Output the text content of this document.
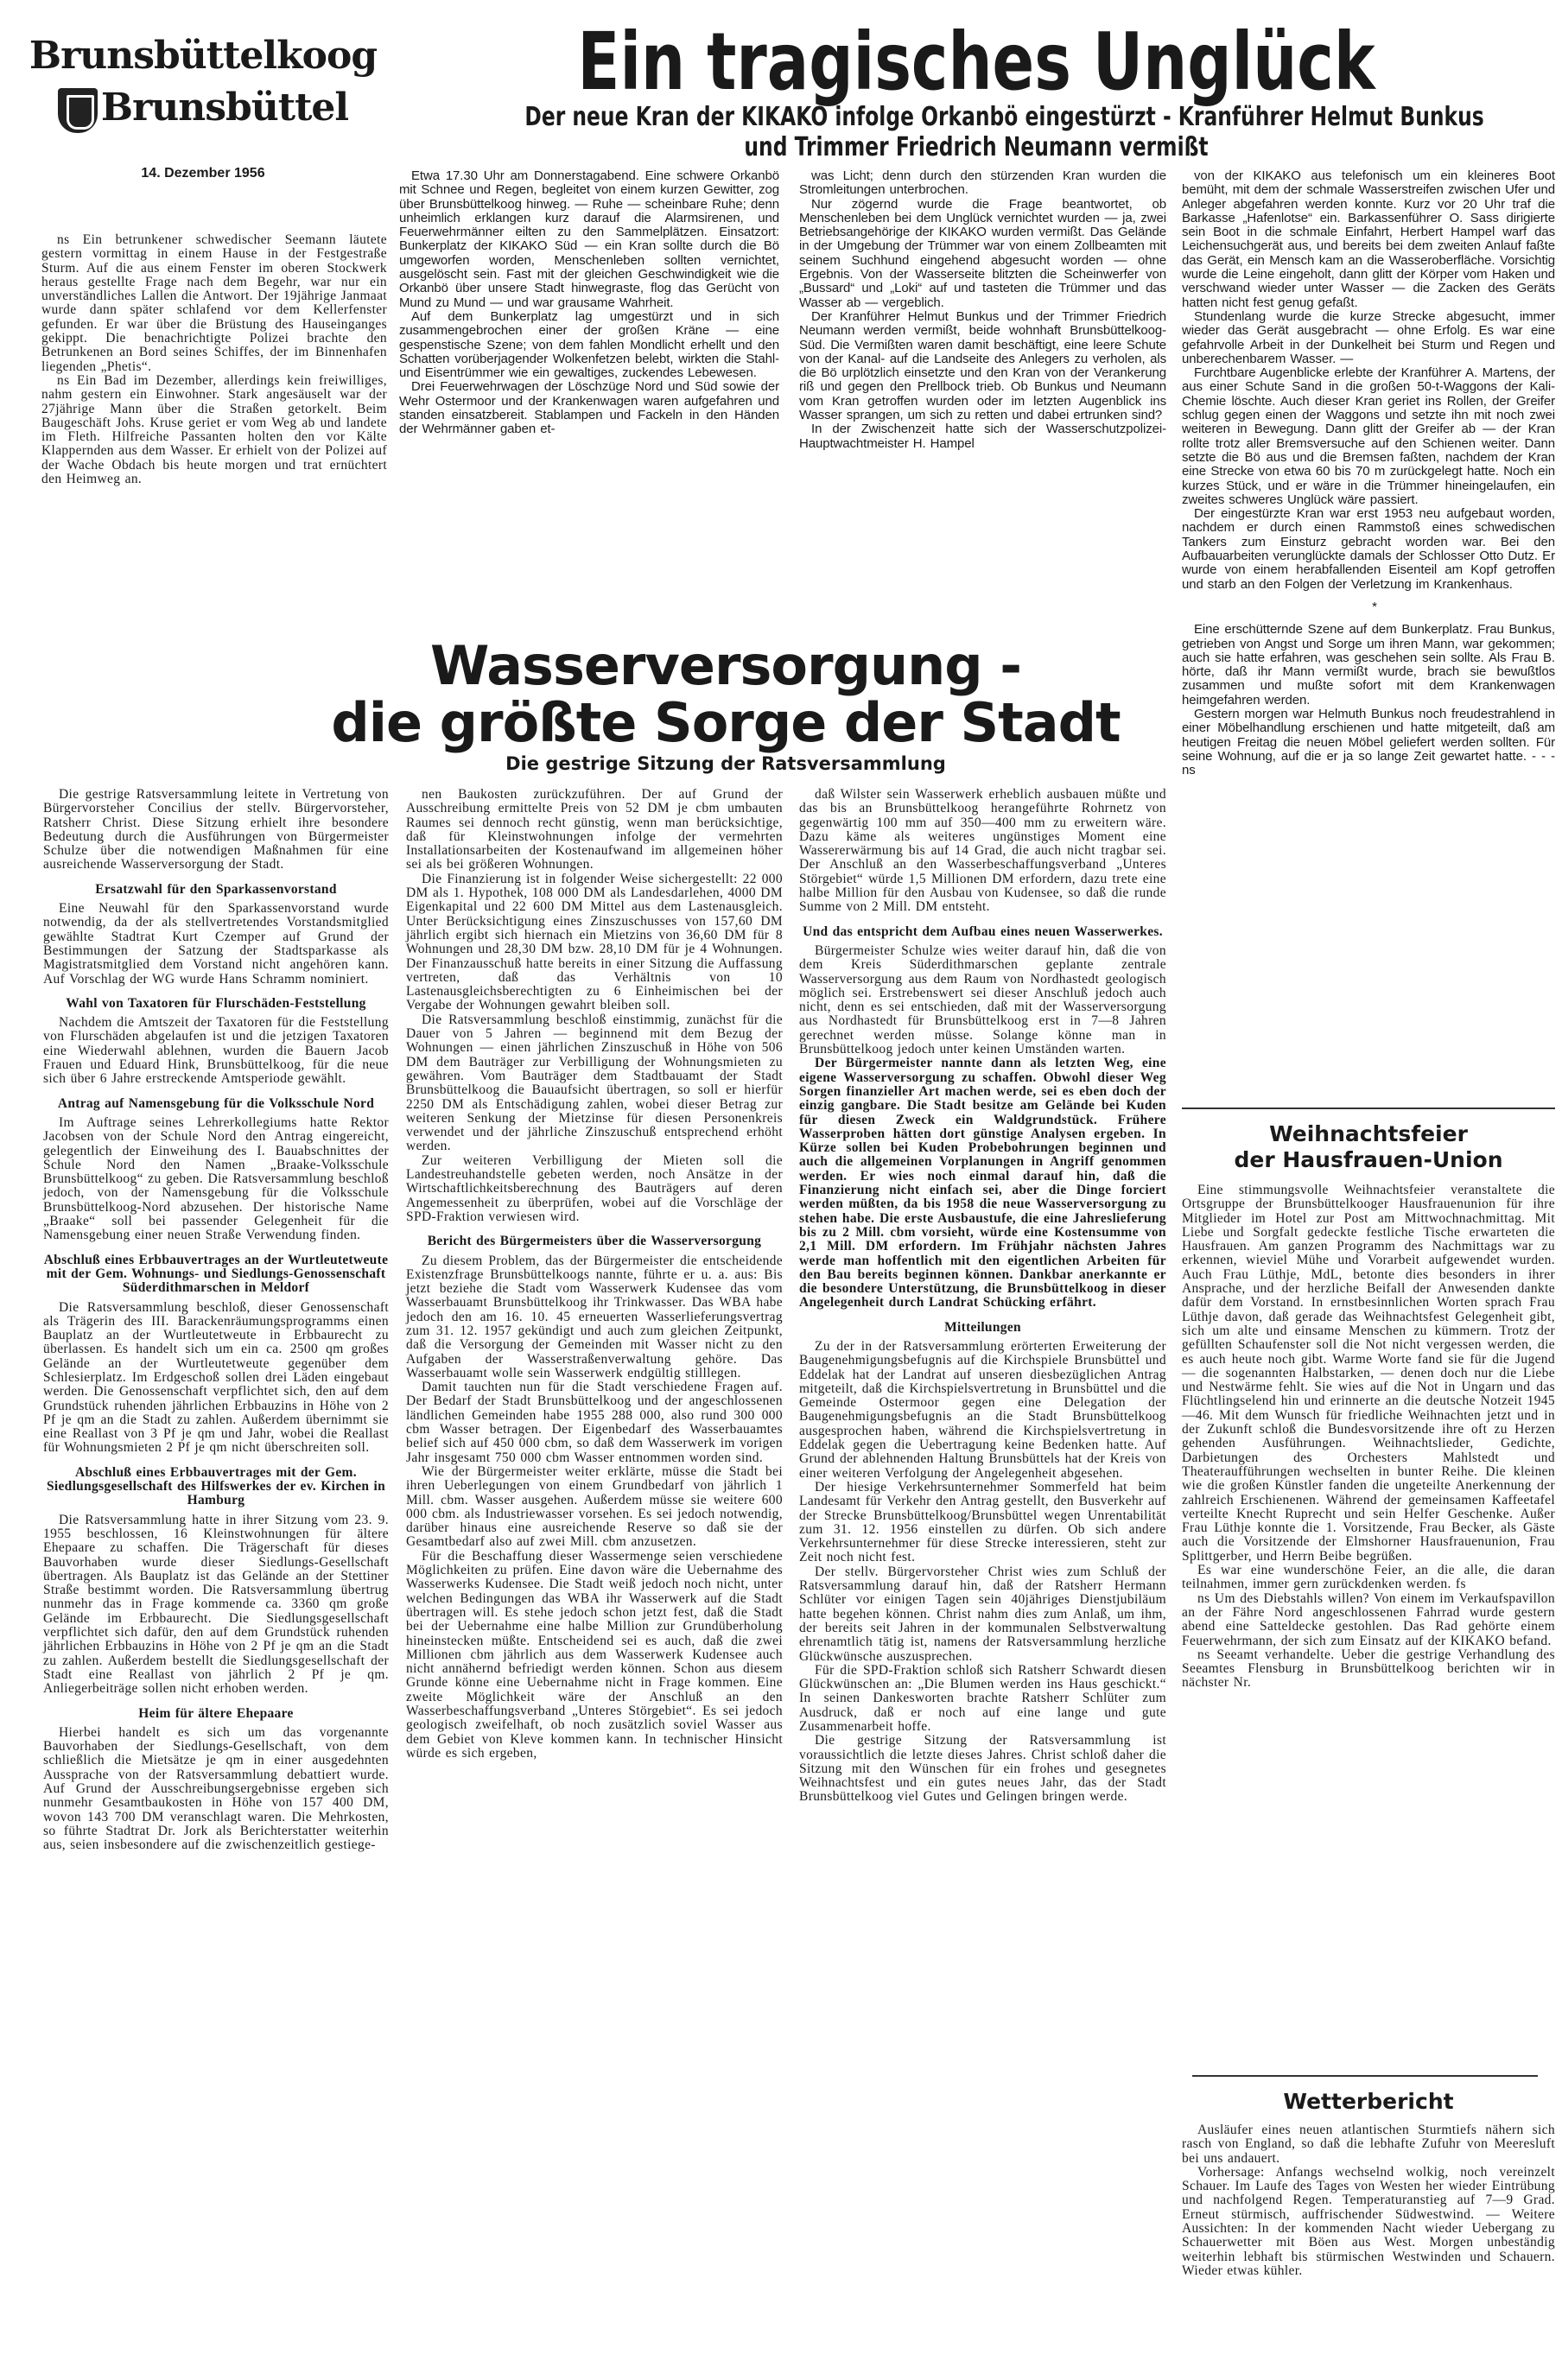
Brunsbüttelkoog
Brunsbüttel
14. Dezember 1956
Ein tragisches Unglück
Der neue Kran der KIKAKO infolge Orkanbö eingestürzt - Kranführer Helmut Bunkus
und Trimmer Friedrich Neumann vermißt

ns Ein betrunkener schwedischer Seemann läutete gestern vormittag in einem Hause in der Festgestraße Sturm. Auf die aus einem Fenster im oberen Stockwerk heraus gestellte Frage nach dem Begehr, war nur ein unverständliches Lallen die Antwort. Der 19jährige Janmaat wurde dann später schlafend vor dem Kellerfenster gefunden. Er war über die Brüstung des Hauseinganges gekippt. Die benachrichtigte Polizei brachte den Betrunkenen an Bord seines Schiffes, der im Binnenhafen liegenden „Phetis“.

ns Ein Bad im Dezember, allerdings kein freiwilliges, nahm gestern ein Einwohner. Stark angesäuselt war der 27jährige Mann über die Straßen getorkelt. Beim Baugeschäft Johs. Kruse geriet er vom Weg ab und landete im Fleth. Hilfreiche Passanten holten den vor Kälte Klappernden aus dem Wasser. Er erhielt von der Polizei auf der Wache Obdach bis heute morgen und trat ernüchtert den Heimweg an.

Etwa 17.30 Uhr am Donnerstagabend. Eine schwere Orkanbö mit Schnee und Regen, begleitet von einem kurzen Gewitter, zog über Brunsbüttelkoog hinweg. — Ruhe — scheinbare Ruhe; denn unheimlich erklangen kurz darauf die Alarmsirenen, und Feuerwehrmänner eilten zu den Sammelplätzen. Einsatzort: Bunkerplatz der KIKAKO Süd — ein Kran sollte durch die Bö umgeworfen worden, Menschenleben sollten vernichtet, ausgelöscht sein. Fast mit der gleichen Geschwindigkeit wie die Orkanbö über unsere Stadt hinwegraste, flog das Gerücht von Mund zu Mund — und war grausame Wahrheit.

Auf dem Bunkerplatz lag umgestürzt und in sich zusammengebrochen einer der großen Kräne — eine gespenstische Szene; von dem fahlen Mondlicht erhellt und den Schatten vorüberjagender Wolkenfetzen belebt, wirkten die Stahl- und Eisentrümmer wie ein gewaltiges, zuckendes Lebewesen.

Drei Feuerwehrwagen der Löschzüge Nord und Süd sowie der Wehr Ostermoor und der Krankenwagen waren aufgefahren und standen einsatzbereit. Stablampen und Fackeln in den Händen der Wehrmänner gaben et-

was Licht; denn durch den stürzenden Kran wurden die Stromleitungen unterbrochen.

Nur zögernd wurde die Frage beantwortet, ob Menschenleben bei dem Unglück vernichtet wurden — ja, zwei Betriebsangehörige der KIKAKO wurden vermißt. Das Gelände in der Umgebung der Trümmer war von einem Zollbeamten mit seinem Suchhund eingehend abgesucht worden — ohne Ergebnis. Von der Wasserseite blitzten die Scheinwerfer von „Bussard“ und „Loki“ auf und tasteten die Trümmer und das Wasser ab — vergeblich.

Der Kranführer Helmut Bunkus und der Trimmer Friedrich Neumann werden vermißt, beide wohnhaft Brunsbüttelkoog-Süd. Die Vermißten waren damit beschäftigt, eine leere Schute von der Kanal- auf die Landseite des Anlegers zu verholen, als die Bö urplötzlich einsetzte und den Kran von der Verankerung riß und gegen den Prellbock trieb. Ob Bunkus und Neumann vom Kran getroffen wurden oder im letzten Augenblick ins Wasser sprangen, um sich zu retten und dabei ertrunken sind?

In der Zwischenzeit hatte sich der Wasserschutzpolizei-Hauptwachtmeister H. Hampel

von der KIKAKO aus telefonisch um ein kleineres Boot bemüht, mit dem der schmale Wasserstreifen zwischen Ufer und Anleger abgefahren werden konnte. Kurz vor 20 Uhr traf die Barkasse „Hafenlotse“ ein. Barkassenführer O. Sass dirigierte sein Boot in die schmale Einfahrt, Herbert Hampel warf das Leichensuchgerät aus, und bereits bei dem zweiten Anlauf faßte das Gerät, ein Mensch kam an die Wasseroberfläche. Vorsichtig wurde die Leine eingeholt, dann glitt der Körper vom Haken und verschwand wieder unter Wasser — die Zacken des Geräts hatten nicht fest genug gefaßt.

Stundenlang wurde die kurze Strecke abgesucht, immer wieder das Gerät ausgebracht — ohne Erfolg. Es war eine gefahrvolle Arbeit in der Dunkelheit bei Sturm und Regen und unberechenbarem Wasser. —

Furchtbare Augenblicke erlebte der Kranführer A. Martens, der aus einer Schute Sand in die großen 50-t-Waggons der Kali-Chemie löschte. Auch dieser Kran geriet ins Rollen, der Greifer schlug gegen einen der Waggons und setzte ihn mit noch zwei weiteren in Bewegung. Dann glitt der Greifer ab — der Kran rollte trotz aller Bremsversuche auf den Schienen weiter. Dann setzte die Bö aus und die Bremsen faßten, nachdem der Kran eine Strecke von etwa 60 bis 70 m zurückgelegt hatte. Noch ein kurzes Stück, und er wäre in die Trümmer hineingelaufen, ein zweites schweres Unglück wäre passiert.

Der eingestürzte Kran war erst 1953 neu aufgebaut worden, nachdem er durch einen Rammstoß eines schwedischen Tankers zum Einsturz gebracht worden war. Bei den Aufbauarbeiten verunglückte damals der Schlosser Otto Dutz. Er wurde von einem herabfallenden Eisenteil am Kopf getroffen und starb an den Folgen der Verletzung im Krankenhaus.

*

Eine erschütternde Szene auf dem Bunkerplatz. Frau Bunkus, getrieben von Angst und Sorge um ihren Mann, war gekommen; auch sie hatte erfahren, was geschehen sein sollte. Als Frau B. hörte, daß ihr Mann vermißt wurde, brach sie bewußtlos zusammen und mußte sofort mit dem Krankenwagen heimgefahren werden.

Gestern morgen war Helmuth Bunkus noch freudestrahlend in einer Möbelhandlung erschienen und hatte mitgeteilt, daß am heutigen Freitag die neuen Möbel geliefert werden sollten. Für seine Wohnung, auf die er ja so lange Zeit gewartet hatte. - - - ns

Wasserversorgung -
die größte Sorge der Stadt
Die gestrige Sitzung der Ratsversammlung

Die gestrige Ratsversammlung leitete in Vertretung von Bürgervorsteher Concilius der stellv. Bürgervorsteher, Ratsherr Christ. Diese Sitzung erhielt ihre besondere Bedeutung durch die Ausführungen von Bürgermeister Schulze über die notwendigen Maßnahmen für eine ausreichende Wasserversorgung der Stadt.

Ersatzwahl für den Sparkassenvorstand

Eine Neuwahl für den Sparkassenvorstand wurde notwendig, da der als stellvertretendes Vorstandsmitglied gewählte Stadtrat Kurt Czemper auf Grund der Bestimmungen der Satzung der Stadtsparkasse als Magistratsmitglied dem Vorstand nicht angehören kann. Auf Vorschlag der WG wurde Hans Schramm nominiert.

Wahl von Taxatoren für Flurschäden-Feststellung

Nachdem die Amtszeit der Taxatoren für die Feststellung von Flurschäden abgelaufen ist und die jetzigen Taxatoren eine Wiederwahl ablehnen, wurden die Bauern Jacob Frauen und Eduard Hink, Brunsbüttelkoog, für die neue sich über 6 Jahre erstreckende Amtsperiode gewählt.

Antrag auf Namensgebung für die Volksschule Nord

Im Auftrage seines Lehrerkollegiums hatte Rektor Jacobsen von der Schule Nord den Antrag eingereicht, gelegentlich der Einweihung des I. Bauabschnittes der Schule Nord den Namen „Braake-Volksschule Brunsbüttelkoog“ zu geben. Die Ratsversammlung beschloß jedoch, von der Namensgebung für die Volksschule Brunsbüttelkoog-Nord abzusehen. Der historische Name „Braake“ soll bei passender Gelegenheit für die Namensgebung einer neuen Straße Verwendung finden.

Abschluß eines Erbbauvertrages an der Wurtleutetweute mit der Gem. Wohnungs- und Siedlungs-Genossenschaft Süderdithmarschen in Meldorf

Die Ratsversammlung beschloß, dieser Genossenschaft als Trägerin des III. Barackenräumungsprogramms einen Bauplatz an der Wurtleutetweute in Erbbaurecht zu überlassen. Es handelt sich um ein ca. 2500 qm großes Gelände an der Wurtleutetweute gegenüber dem Schlesierplatz. Im Erdgeschoß sollen drei Läden eingebaut werden. Die Genossenschaft verpflichtet sich, den auf dem Grundstück ruhenden jährlichen Erbbauzins in Höhe von 2 Pf je qm an die Stadt zu zahlen. Außerdem übernimmt sie eine Reallast von 3 Pf je qm und Jahr, wobei die Reallast für Wohnungsmieten 2 Pf je qm nicht überschreiten soll.

Abschluß eines Erbbauvertrages mit der Gem. Siedlungsgesellschaft des Hilfswerkes der ev. Kirchen in Hamburg

Die Ratsversammlung hatte in ihrer Sitzung vom 23. 9. 1955 beschlossen, 16 Kleinstwohnungen für ältere Ehepaare zu schaffen. Die Trägerschaft für dieses Bauvorhaben wurde dieser Siedlungs-Gesellschaft übertragen. Als Bauplatz ist das Gelände an der Stettiner Straße bestimmt worden. Die Ratsversammlung übertrug nunmehr das in Frage kommende ca. 3360 qm große Gelände im Erbbaurecht. Die Siedlungsgesellschaft verpflichtet sich dafür, den auf dem Grundstück ruhenden jährlichen Erbbauzins in Höhe von 2 Pf je qm an die Stadt zu zahlen. Außerdem bestellt die Siedlungsgesellschaft der Stadt eine Reallast von jährlich 2 Pf je qm. Anliegerbeiträge sollen nicht erhoben werden.

Heim für ältere Ehepaare

Hierbei handelt es sich um das vorgenannte Bauvorhaben der Siedlungs-Gesellschaft, von dem schließlich die Mietsätze je qm in einer ausgedehnten Aussprache von der Ratsversammlung debattiert wurde. Auf Grund der Ausschreibungsergebnisse ergeben sich nunmehr Gesamtbaukosten in Höhe von 157 400 DM, wovon 143 700 DM veranschlagt waren. Die Mehrkosten, so führte Stadtrat Dr. Jork als Berichterstatter weiterhin aus, seien insbesondere auf die zwischenzeitlich gestiege-

nen Baukosten zurückzuführen. Der auf Grund der Ausschreibung ermittelte Preis von 52 DM je cbm umbauten Raumes sei dennoch recht günstig, wenn man berücksichtige, daß für Kleinstwohnungen infolge der vermehrten Installationsarbeiten der Kostenaufwand im allgemeinen höher sei als bei größeren Wohnungen.

Die Finanzierung ist in folgender Weise sichergestellt: 22 000 DM als 1. Hypothek, 108 000 DM als Landesdarlehen, 4000 DM Eigenkapital und 22 600 DM Mittel aus dem Lastenausgleich. Unter Berücksichtigung eines Zinszuschusses von 157,60 DM jährlich ergibt sich hiernach ein Mietzins von 36,60 DM für 8 Wohnungen und 28,30 DM bzw. 28,10 DM für je 4 Wohnungen. Der Finanzausschuß hatte bereits in einer Sitzung die Auffassung vertreten, daß das Verhältnis von 10 Lastenausgleichsberechtigten zu 6 Einheimischen bei der Vergabe der Wohnungen gewahrt bleiben soll.

Die Ratsversammlung beschloß einstimmig, zunächst für die Dauer von 5 Jahren — beginnend mit dem Bezug der Wohnungen — einen jährlichen Zinszuschuß in Höhe von 506 DM dem Bauträger zur Verbilligung der Wohnungsmieten zu gewähren. Vom Bauträger dem Stadtbauamt der Stadt Brunsbüttelkoog die Bauaufsicht übertragen, so soll er hierfür 2250 DM als Entschädigung zahlen, wobei dieser Betrag zur weiteren Senkung der Mietzinse für diesen Personenkreis verwendet und der jährliche Zinszuschuß entsprechend erhöht werden.

Zur weiteren Verbilligung der Mieten soll die Landestreuhandstelle gebeten werden, noch Ansätze in der Wirtschaftlichkeitsberechnung des Bauträgers auf deren Angemessenheit zu überprüfen, wobei auf die Vorschläge der SPD-Fraktion verwiesen wird.

Bericht des Bürgermeisters über die Wasserversorgung

Zu diesem Problem, das der Bürgermeister die entscheidende Existenzfrage Brunsbüttelkoogs nannte, führte er u. a. aus: Bis jetzt beziehe die Stadt vom Wasserwerk Kudensee das vom Wasserbauamt Brunsbüttelkoog ihr Trinkwasser. Das WBA habe jedoch den am 16. 10. 45 erneuerten Wasserlieferungsvertrag zum 31. 12. 1957 gekündigt und auch zum gleichen Zeitpunkt, daß die Versorgung der Gemeinden mit Wasser nicht zu den Aufgaben der Wasserstraßenverwaltung gehöre. Das Wasserbauamt wolle sein Wasserwerk endgültig stilllegen.

Damit tauchten nun für die Stadt verschiedene Fragen auf. Der Bedarf der Stadt Brunsbüttelkoog und der angeschlossenen ländlichen Gemeinden habe 1955 288 000, also rund 300 000 cbm Wasser betragen. Der Eigenbedarf des Wasserbauamtes belief sich auf 450 000 cbm, so daß dem Wasserwerk im vorigen Jahr insgesamt 750 000 cbm Wasser entnommen worden sind.

Wie der Bürgermeister weiter erklärte, müsse die Stadt bei ihren Ueberlegungen von einem Grundbedarf von jährlich 1 Mill. cbm. Wasser ausgehen. Außerdem müsse sie weitere 600 000 cbm. als Industriewasser vorsehen. Es sei jedoch notwendig, darüber hinaus eine ausreichende Reserve so daß sie der Gesamtbedarf also auf zwei Mill. cbm anzusetzen.

Für die Beschaffung dieser Wassermenge seien verschiedene Möglichkeiten zu prüfen. Eine davon wäre die Uebernahme des Wasserwerks Kudensee. Die Stadt weiß jedoch noch nicht, unter welchen Bedingungen das WBA ihr Wasserwerk auf die Stadt übertragen will. Es stehe jedoch schon jetzt fest, daß die Stadt bei der Uebernahme eine halbe Million zur Grundüberholung hineinstecken müßte. Entscheidend sei es auch, daß die zwei Millionen cbm jährlich aus dem Wasserwerk Kudensee auch nicht annähernd befriedigt werden können. Schon aus diesem Grunde könne eine Uebernahme nicht in Frage kommen. Eine zweite Möglichkeit wäre der Anschluß an den Wasserbeschaffungsverband „Unteres Störgebiet“. Es sei jedoch geologisch zweifelhaft, ob noch zusätzlich soviel Wasser aus dem Gebiet von Kleve kommen kann. In technischer Hinsicht würde es sich ergeben,

daß Wilster sein Wasserwerk erheblich ausbauen müßte und das bis an Brunsbüttelkoog herangeführte Rohrnetz von gegenwärtig 100 mm auf 350—400 mm zu erweitern wäre. Dazu käme als weiteres ungünstiges Moment eine Wassererwärmung bis auf 14 Grad, die auch nicht tragbar sei. Der Anschluß an den Wasserbeschaffungsverband „Unteres Störgebiet“ würde 1,5 Millionen DM erfordern, dazu trete eine halbe Million für den Ausbau von Kudensee, so daß die runde Summe von 2 Mill. DM entsteht.

Und das entspricht dem Aufbau eines neuen Wasserwerkes.

Bürgermeister Schulze wies weiter darauf hin, daß die von dem Kreis Süderdithmarschen geplante zentrale Wasserversorgung aus dem Raum von Nordhastedt geologisch möglich sei. Erstrebenswert sei dieser Anschluß jedoch auch nicht, denn es sei entschieden, daß mit der Wasserversorgung aus Nordhastedt für Brunsbüttelkoog erst in 7—8 Jahren gerechnet werden müsse. Solange könne man in Brunsbüttelkoog jedoch unter keinen Umständen warten.

Der Bürgermeister nannte dann als letzten Weg, eine eigene Wasserversorgung zu schaffen. Obwohl dieser Weg Sorgen finanzieller Art machen werde, sei es eben doch der einzig gangbare. Die Stadt besitze am Gelände bei Kuden für diesen Zweck ein Waldgrundstück. Frühere Wasserproben hätten dort günstige Analysen ergeben. In Kürze sollen bei Kuden Probebohrungen beginnen und auch die allgemeinen Vorplanungen in Angriff genommen werden. Er wies noch einmal darauf hin, daß die Finanzierung nicht einfach sei, aber die Dinge forciert werden müßten, da bis 1958 die neue Wasserversorgung zu stehen habe. Die erste Ausbaustufe, die eine Jahreslieferung bis zu 2 Mill. cbm vorsieht, würde eine Kostensumme von 2,1 Mill. DM erfordern. Im Frühjahr nächsten Jahres werde man hoffentlich mit den eigentlichen Arbeiten für den Bau bereits beginnen können. Dankbar anerkannte er die besondere Unterstützung, die Brunsbüttelkoog in dieser Angelegenheit durch Landrat Schücking erfährt.

Mitteilungen

Zu der in der Ratsversammlung erörterten Erweiterung der Baugenehmigungsbefugnis auf die Kirchspiele Brunsbüttel und Eddelak hat der Landrat auf unseren diesbezüglichen Antrag mitgeteilt, daß die Kirchspielsvertretung in Brunsbüttel und die Gemeinde Ostermoor gegen eine Delegation der Baugenehmigungsbefugnis an die Stadt Brunsbüttelkoog ausgesprochen haben, während die Kirchspielsvertretung in Eddelak gegen die Uebertragung keine Bedenken hatte. Auf Grund der ablehnenden Haltung Brunsbüttels hat der Kreis von einer weiteren Verfolgung der Angelegenheit abgesehen.

Der hiesige Verkehrsunternehmer Sommerfeld hat beim Landesamt für Verkehr den Antrag gestellt, den Busverkehr auf der Strecke Brunsbüttelkoog/Brunsbüttel wegen Unrentabilität zum 31. 12. 1956 einstellen zu dürfen. Ob sich andere Verkehrsunternehmer für diese Strecke interessieren, steht zur Zeit noch nicht fest.

Der stellv. Bürgervorsteher Christ wies zum Schluß der Ratsversammlung darauf hin, daß der Ratsherr Hermann Schlüter vor einigen Tagen sein 40jähriges Dienstjubiläum hatte begehen können. Christ nahm dies zum Anlaß, um ihm, der bereits seit Jahren in der kommunalen Selbstverwaltung ehrenamtlich tätig ist, namens der Ratsversammlung herzliche Glückwünsche auszusprechen.

Für die SPD-Fraktion schloß sich Ratsherr Schwardt diesen Glückwünschen an: „Die Blumen werden ins Haus geschickt.“ In seinen Dankesworten brachte Ratsherr Schlüter zum Ausdruck, daß er noch auf eine lange und gute Zusammenarbeit hoffe.

Die gestrige Sitzung der Ratsversammlung ist voraussichtlich die letzte dieses Jahres. Christ schloß daher die Sitzung mit den Wünschen für ein frohes und gesegnetes Weihnachtsfest und ein gutes neues Jahr, das der Stadt Brunsbüttelkoog viel Gutes und Gelingen bringen werde.

Weihnachtsfeier
der Hausfrauen-Union

Eine stimmungsvolle Weihnachtsfeier veranstaltete die Ortsgruppe der Brunsbüttelkooger Hausfrauenunion für ihre Mitglieder im Hotel zur Post am Mittwochnachmittag. Mit Liebe und Sorgfalt gedeckte festliche Tische erwarteten die Hausfrauen. Am ganzen Programm des Nachmittags war zu erkennen, wieviel Mühe und Vorarbeit aufgewendet wurden. Auch Frau Lüthje, MdL, betonte dies besonders in ihrer Ansprache, und der herzliche Beifall der Anwesenden dankte dafür dem Vorstand. In ernstbesinnlichen Worten sprach Frau Lüthje davon, daß gerade das Weihnachtsfest Gelegenheit gibt, sich um alte und einsame Menschen zu kümmern. Trotz der gefüllten Schaufenster soll die Not nicht vergessen werden, die es auch heute noch gibt. Warme Worte fand sie für die Jugend — die sogenannten Halbstarken, — denen doch nur die Liebe und Nestwärme fehlt. Sie wies auf die Not in Ungarn und das Flüchtlingselend hin und erinnerte an die deutsche Notzeit 1945—46. Mit dem Wunsch für friedliche Weihnachten jetzt und in der Zukunft schloß die Bundesvorsitzende ihre oft zu Herzen gehenden Ausführungen. Weihnachtslieder, Gedichte, Darbietungen des Orchesters Mahlstedt und Theateraufführungen wechselten in bunter Reihe. Die kleinen wie die großen Künstler fanden die ungeteilte Anerkennung der zahlreich Erschienenen. Während der gemeinsamen Kaffeetafel verteilte Knecht Ruprecht und sein Helfer Geschenke. Außer Frau Lüthje konnte die 1. Vorsitzende, Frau Becker, als Gäste auch die Vorsitzende der Elmshorner Hausfrauenunion, Frau Splittgerber, und Herrn Beibe begrüßen.

Es war eine wunderschöne Feier, an die alle, die daran teilnahmen, immer gern zurückdenken werden. fs

ns Um des Diebstahls willen? Von einem im Verkaufspavillon an der Fähre Nord angeschlossenen Fahrrad wurde gestern abend eine Satteldecke gestohlen. Das Rad gehörte einem Feuerwehrmann, der sich zum Einsatz auf der KIKAKO befand.

ns Seeamt verhandelte. Ueber die gestrige Verhandlung des Seeamtes Flensburg in Brunsbüttelkoog berichten wir in nächster Nr.

Wetterbericht

Ausläufer eines neuen atlantischen Sturmtiefs nähern sich rasch von England, so daß die lebhafte Zufuhr von Meeresluft bei uns andauert.

Vorhersage: Anfangs wechselnd wolkig, noch vereinzelt Schauer. Im Laufe des Tages von Westen her wieder Eintrübung und nachfolgend Regen. Temperaturanstieg auf 7—9 Grad. Erneut stürmisch, auffrischender Südwestwind. — Weitere Aussichten: In der kommenden Nacht wieder Uebergang zu Schauerwetter mit Böen aus West. Morgen unbeständig weiterhin lebhaft bis stürmischen Westwinden und Schauern. Wieder etwas kühler.
